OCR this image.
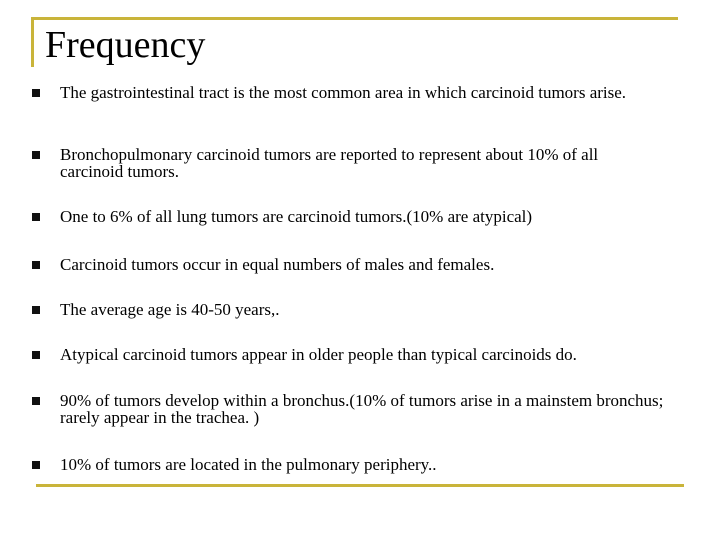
Frequency
The gastrointestinal tract is the most common area in which carcinoid tumors arise.
Bronchopulmonary carcinoid tumors are reported to represent about 10% of all carcinoid tumors.
One to 6% of all lung tumors are carcinoid tumors.(10% are atypical)
Carcinoid tumors occur in equal numbers of males and females.
The average age is 40-50 years,.
Atypical carcinoid tumors appear in older people than typical carcinoids do.
90% of tumors develop within a bronchus.(10% of tumors arise in a mainstem bronchus; rarely appear in the trachea. )
10% of tumors are located in the pulmonary periphery..
